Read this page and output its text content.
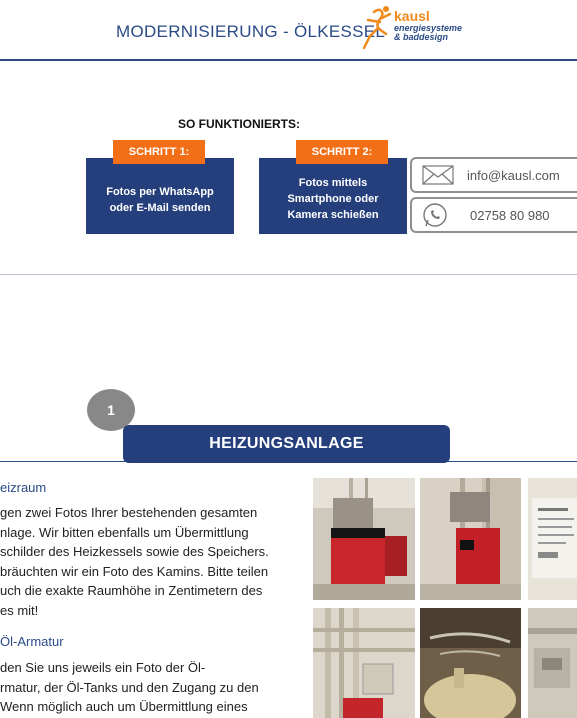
MODERNISIERUNG - ÖLKESSEL
kausl
energiesysteme
& baddesign
SO FUNKTIONIERTS:
Fotos per WhatsApp oder E-Mail senden
SCHRITT 1:
Fotos mittels Smartphone oder Kamera schießen
SCHRITT 2:
info@kausl.com
02758 80 980
1
HEIZUNGSANLAGE
eizraum
gen zwei Fotos Ihrer bestehenden gesamten
nlage. Wir bitten ebenfalls um Übermittlung
schilder des Heizkessels sowie des Speichers.
bräuchten wir ein Foto des Kamins. Bitte teilen
uch die exakte Raumhöhe in Zentimetern des
es mit!
Öl-Armatur
den Sie uns jeweils ein Foto der Öl-
rmatur, der Öl-Tanks und den Zugang zu den
Wenn möglich auch um Übermittlung eines
